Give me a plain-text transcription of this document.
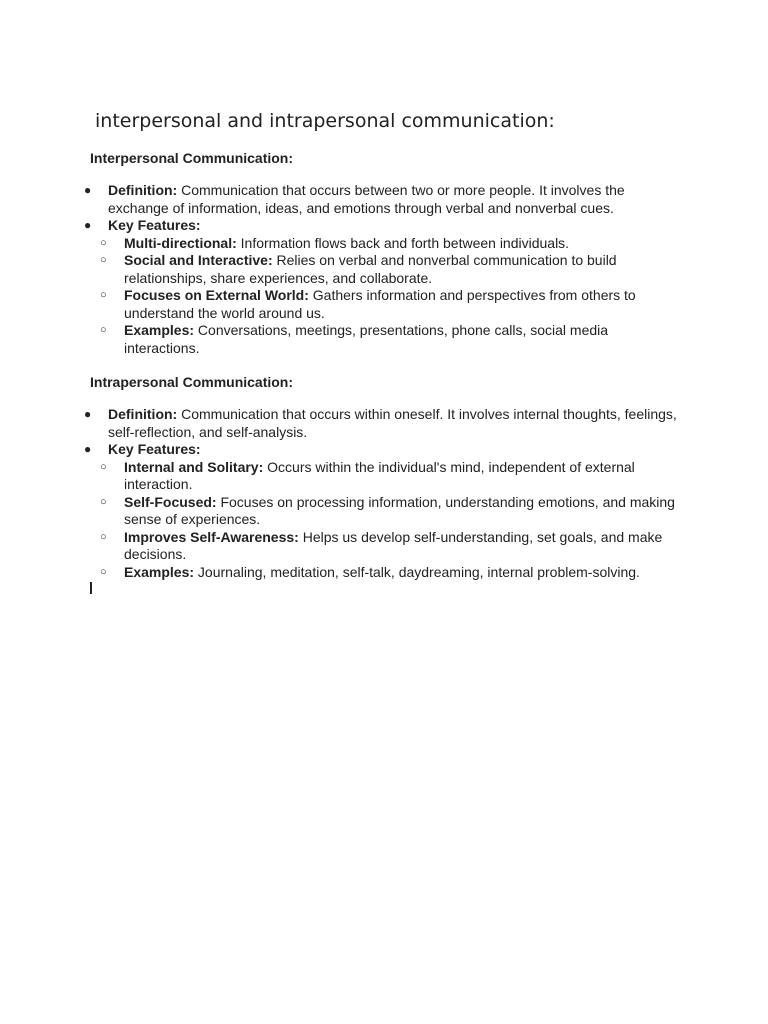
interpersonal and intrapersonal communication:
Interpersonal Communication:
● Definition: Communication that occurs between two or more people. It involves the exchange of information, ideas, and emotions through verbal and nonverbal cues.
● Key Features:
○ Multi-directional: Information flows back and forth between individuals.
○ Social and Interactive: Relies on verbal and nonverbal communication to build relationships, share experiences, and collaborate.
○ Focuses on External World: Gathers information and perspectives from others to understand the world around us.
○ Examples: Conversations, meetings, presentations, phone calls, social media interactions.
Intrapersonal Communication:
● Definition: Communication that occurs within oneself. It involves internal thoughts, feelings, self-reflection, and self-analysis.
● Key Features:
○ Internal and Solitary: Occurs within the individual's mind, independent of external interaction.
○ Self-Focused: Focuses on processing information, understanding emotions, and making sense of experiences.
○ Improves Self-Awareness: Helps us develop self-understanding, set goals, and make decisions.
○ Examples: Journaling, meditation, self-talk, daydreaming, internal problem-solving.
